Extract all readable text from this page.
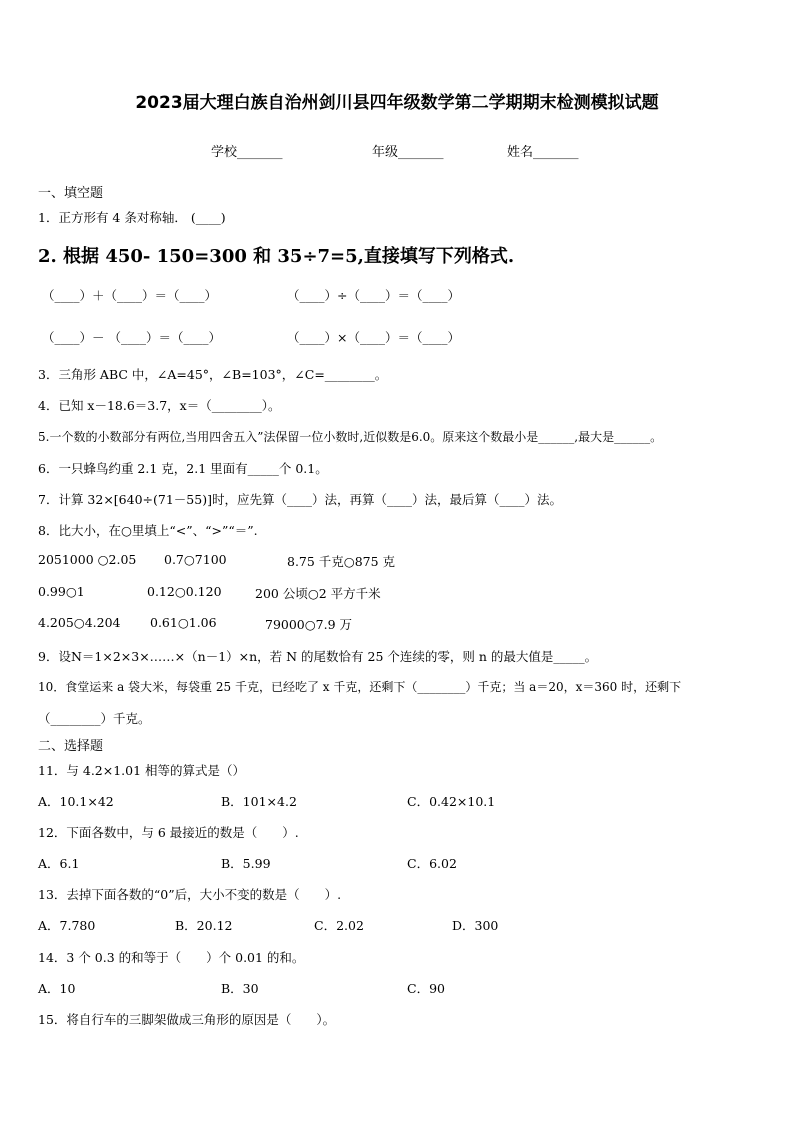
2023届大理白族自治州剑川县四年级数学第二学期期末检测模拟试题
学校_______	年级_______	姓名_______
一、填空题
1．正方形有 4 条对称轴． (____)
2. 根据 450- 150=300 和 35÷7=5,直接填写下列格式.
（____）＋（____）＝（____）	（____）÷（____）＝（____）
（____）－ （____）＝（____）	（____）×（____）＝（____）
3．三角形 ABC 中，∠A=45°，∠B=103°，∠C=________。
4．已知 x－18.6＝3.7，x＝（________）。
5.一个数的小数部分有两位,当用四舍五入”法保留一位小数时,近似数是6.0。原来这个数最小是______,最大是______。
6．一只蜂鸟约重 2.1 克，2.1 里面有_____个 0.1。
7．计算 32×[640÷(71－55)]时，应先算（____）法，再算（____）法，最后算（____）法。
8．比大小，在○里填上“<”、“>”“＝”.
2051000 ○2.05 0.7○7100	8.75 千克○875 克
0.99○1	0.12○0.120	200 公顷○2 平方千米
4.205○4.204 0.61○1.06	79000○7.9 万
9．设N＝1×2×3×……×（n－1）×n，若 N 的尾数恰有 25 个连续的零，则 n 的最大值是_____。
10．食堂运来 a 袋大米，每袋重 25 千克，已经吃了 x 千克，还剩下（________）千克；当 a＝20，x＝360 时，还剩下
（________）千克。
二、选择题
11．与 4.2×1.01 相等的算式是（）
A．10.1×42	B．101×4.2	C．0.42×10.1
12．下面各数中，与 6 最接近的数是（　　）.
A．6.1	B．5.99	C．6.02
13．去掉下面各数的“0”后，大小不变的数是（　　）.
A．7.780	B．20.12	C．2.02	D．300
14．3 个 0.3 的和等于（　　）个 0.01 的和。
A．10	B．30	C．90
15．将自行车的三脚架做成三角形的原因是（　　）。
